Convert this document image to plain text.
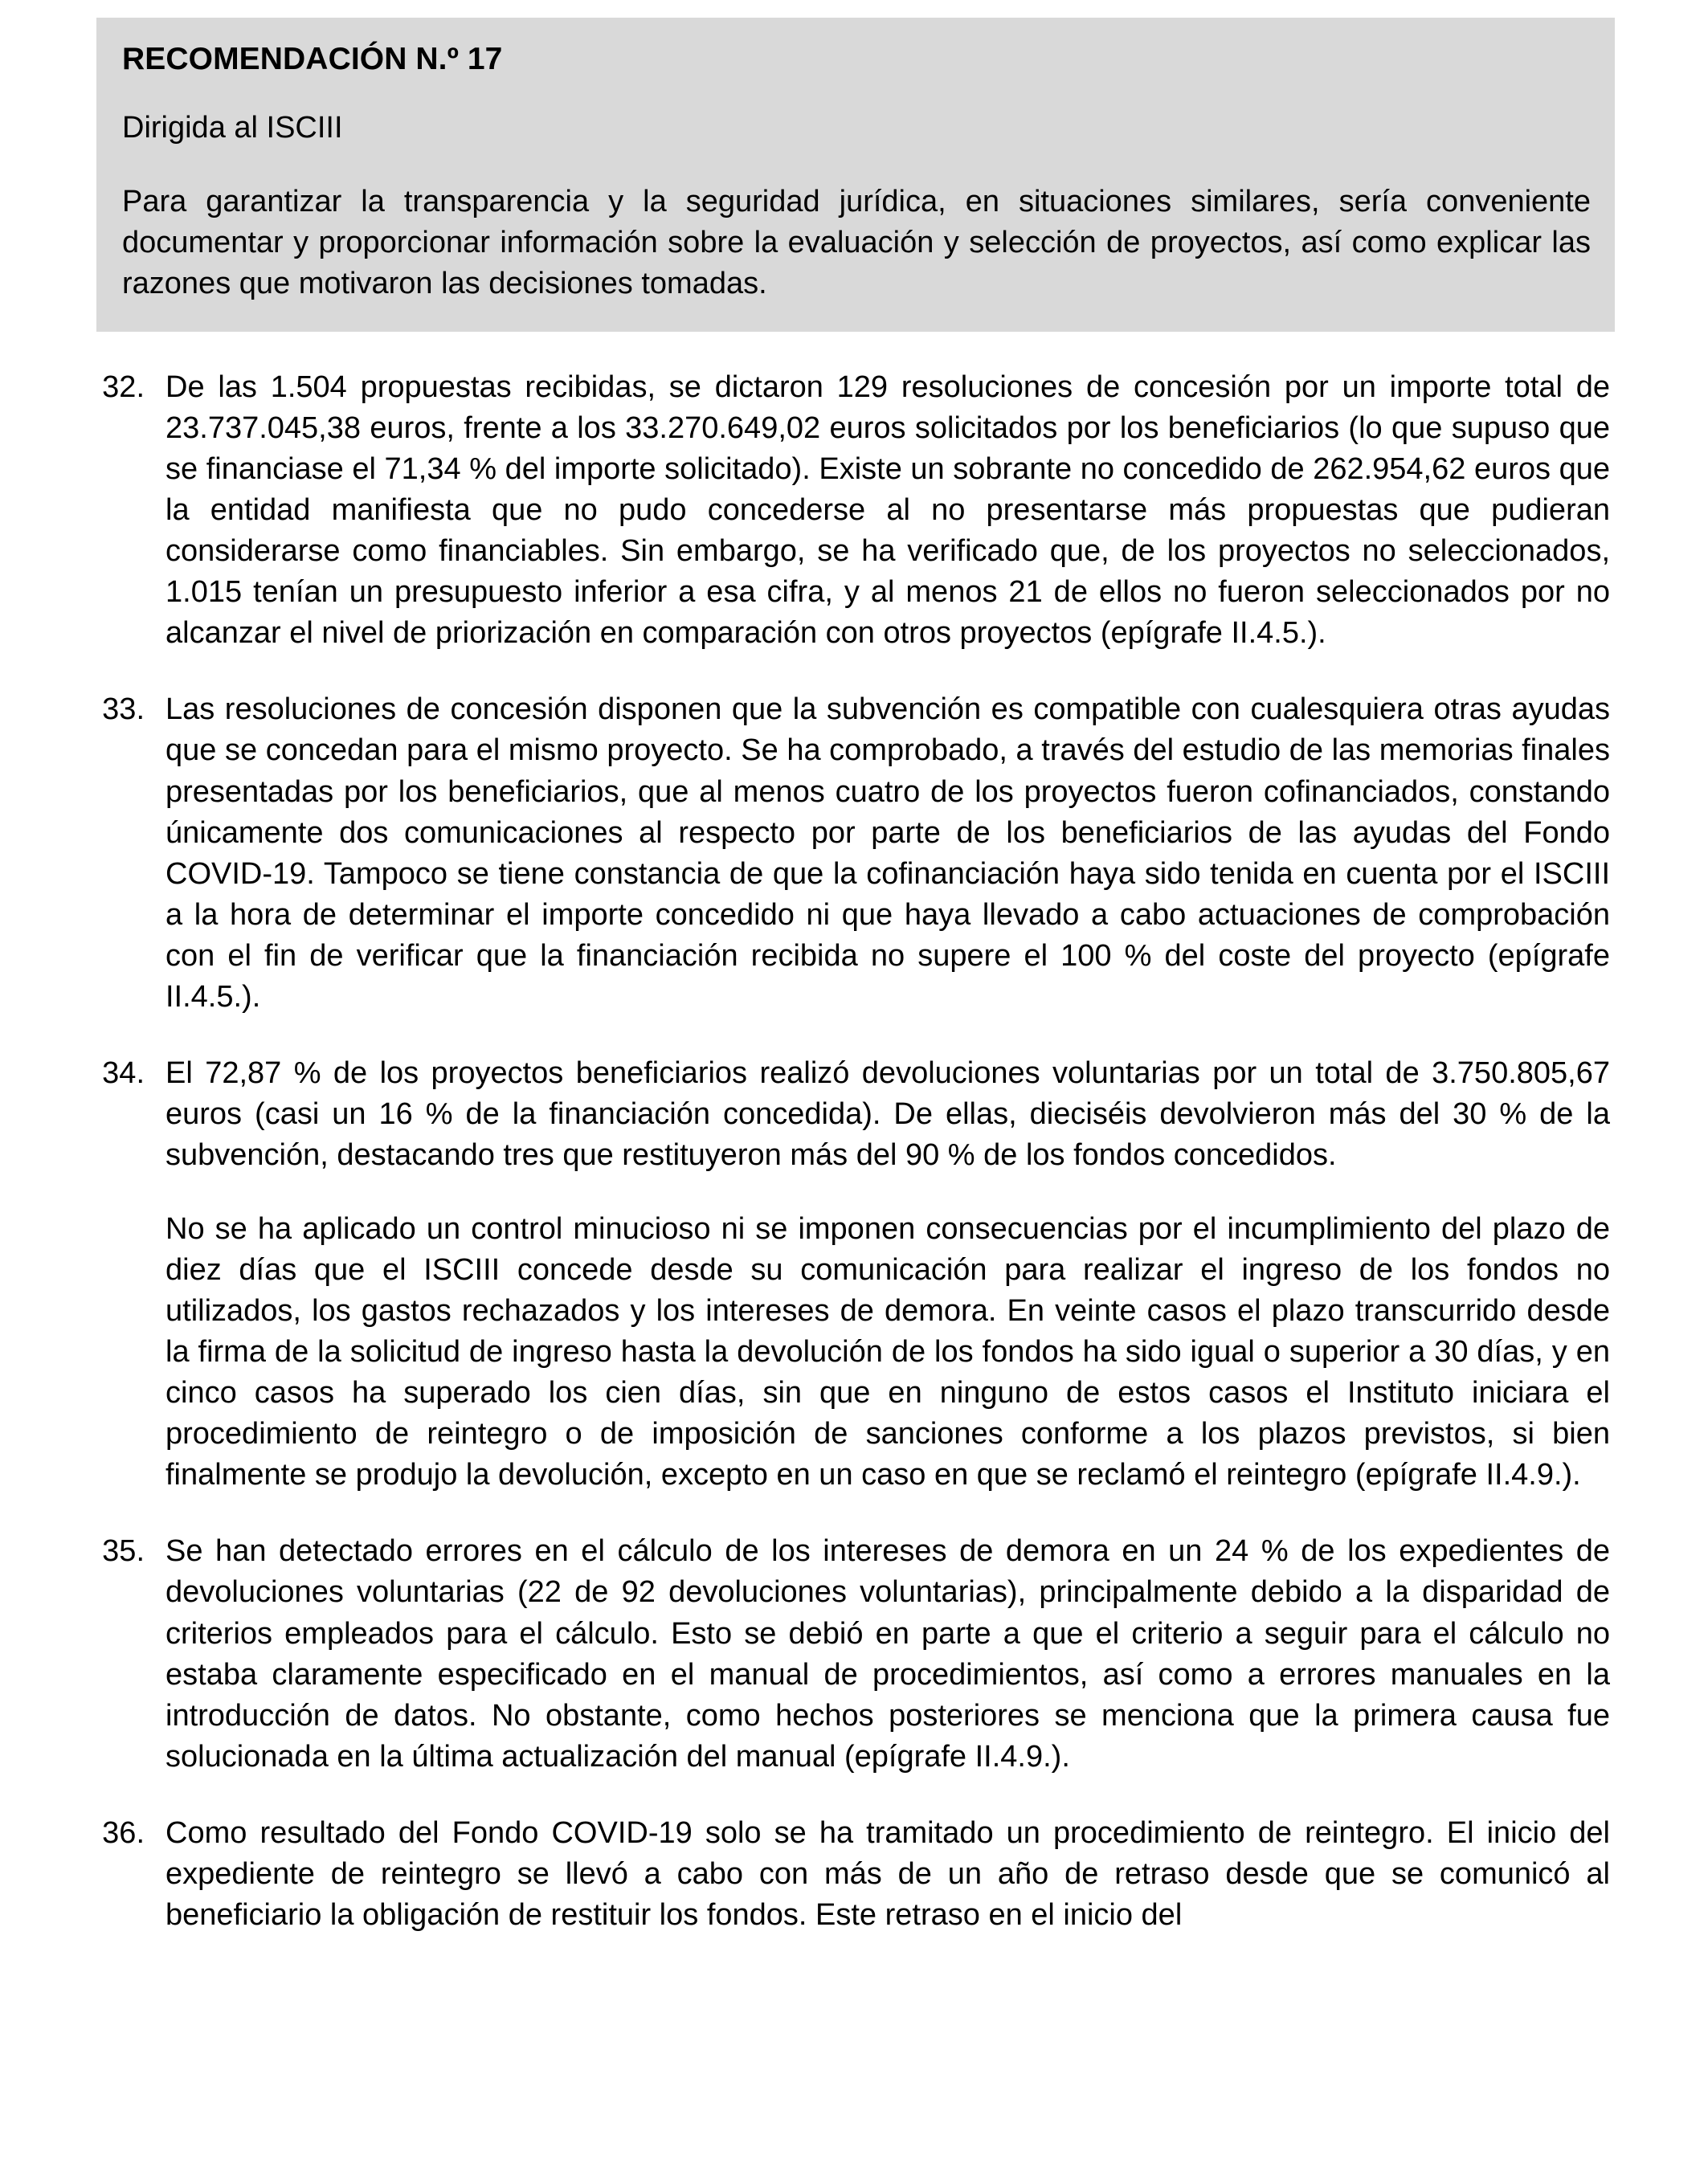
RECOMENDACIÓN N.º 17

Dirigida al ISCIII

Para garantizar la transparencia y la seguridad jurídica, en situaciones similares, sería conveniente documentar y proporcionar información sobre la evaluación y selección de proyectos, así como explicar las razones que motivaron las decisiones tomadas.

32. De las 1.504 propuestas recibidas, se dictaron 129 resoluciones de concesión por un importe total de 23.737.045,38 euros, frente a los 33.270.649,02 euros solicitados por los beneficiarios (lo que supuso que se financiase el 71,34 % del importe solicitado). Existe un sobrante no concedido de 262.954,62 euros que la entidad manifiesta que no pudo concederse al no presentarse más propuestas que pudieran considerarse como financiables. Sin embargo, se ha verificado que, de los proyectos no seleccionados, 1.015 tenían un presupuesto inferior a esa cifra, y al menos 21 de ellos no fueron seleccionados por no alcanzar el nivel de priorización en comparación con otros proyectos (epígrafe II.4.5.).

33. Las resoluciones de concesión disponen que la subvención es compatible con cualesquiera otras ayudas que se concedan para el mismo proyecto. Se ha comprobado, a través del estudio de las memorias finales presentadas por los beneficiarios, que al menos cuatro de los proyectos fueron cofinanciados, constando únicamente dos comunicaciones al respecto por parte de los beneficiarios de las ayudas del Fondo COVID-19. Tampoco se tiene constancia de que la cofinanciación haya sido tenida en cuenta por el ISCIII a la hora de determinar el importe concedido ni que haya llevado a cabo actuaciones de comprobación con el fin de verificar que la financiación recibida no supere el 100 % del coste del proyecto (epígrafe II.4.5.).

34. El 72,87 % de los proyectos beneficiarios realizó devoluciones voluntarias por un total de 3.750.805,67 euros (casi un 16 % de la financiación concedida). De ellas, dieciséis devolvieron más del 30 % de la subvención, destacando tres que restituyeron más del 90 % de los fondos concedidos.

No se ha aplicado un control minucioso ni se imponen consecuencias por el incumplimiento del plazo de diez días que el ISCIII concede desde su comunicación para realizar el ingreso de los fondos no utilizados, los gastos rechazados y los intereses de demora. En veinte casos el plazo transcurrido desde la firma de la solicitud de ingreso hasta la devolución de los fondos ha sido igual o superior a 30 días, y en cinco casos ha superado los cien días, sin que en ninguno de estos casos el Instituto iniciara el procedimiento de reintegro o de imposición de sanciones conforme a los plazos previstos, si bien finalmente se produjo la devolución, excepto en un caso en que se reclamó el reintegro (epígrafe II.4.9.).

35. Se han detectado errores en el cálculo de los intereses de demora en un 24 % de los expedientes de devoluciones voluntarias (22 de 92 devoluciones voluntarias), principalmente debido a la disparidad de criterios empleados para el cálculo. Esto se debió en parte a que el criterio a seguir para el cálculo no estaba claramente especificado en el manual de procedimientos, así como a errores manuales en la introducción de datos. No obstante, como hechos posteriores se menciona que la primera causa fue solucionada en la última actualización del manual (epígrafe II.4.9.).

36. Como resultado del Fondo COVID-19 solo se ha tramitado un procedimiento de reintegro. El inicio del expediente de reintegro se llevó a cabo con más de un año de retraso desde que se comunicó al beneficiario la obligación de restituir los fondos. Este retraso en el inicio del
